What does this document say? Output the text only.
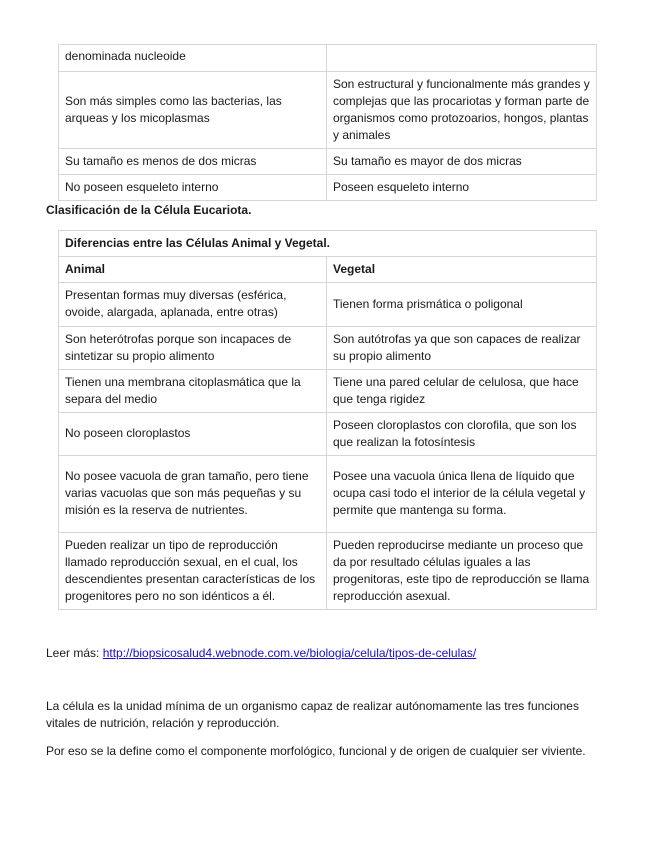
denominada nucleoide	
Son más simples como las bacterias, las arqueas y los micoplasmas	Son estructural y funcionalmente más grandes y complejas que las procariotas y forman parte de organismos como protozoarios, hongos, plantas y animales
Su tamaño es menos de dos micras	Su tamaño es mayor de dos micras
No poseen esqueleto interno	Poseen esqueleto interno
Clasificación de la Célula Eucariota.
Diferencias entre las Células Animal y Vegetal.	
Animal	Vegetal
Presentan formas muy diversas (esférica, ovoide, alargada, aplanada, entre otras)	Tienen forma prismática o poligonal
Son heterótrofas porque son incapaces de sintetizar su propio alimento	Son autótrofas ya que son capaces de realizar su propio alimento
Tienen una membrana citoplasmática que la separa del medio	Tiene una pared celular de celulosa, que hace que tenga rigidez
No poseen cloroplastos	Poseen cloroplastos con clorofila, que son los que realizan la fotosíntesis
No posee vacuola de gran tamaño, pero tiene varias vacuolas que son más pequeñas y su misión es la reserva de nutrientes.	Posee una vacuola única llena de líquido que ocupa casi todo el interior de la célula vegetal y permite que mantenga su forma.
Pueden realizar un tipo de reproducción llamado reproducción sexual, en el cual, los descendientes presentan características de los progenitores pero no son idénticos a él.	Pueden reproducirse mediante un proceso que da por resultado células iguales a las progenitoras, este tipo de reproducción se llama reproducción asexual.

Leer más: http://biopsicosalud4.webnode.com.ve/biologia/celula/tipos-de-celulas/

La célula es la unidad mínima de un organismo capaz de realizar autónomamente las tres funciones vitales de nutrición, relación y reproducción.

Por eso se la define como el componente morfológico, funcional y de origen de cualquier ser viviente.
